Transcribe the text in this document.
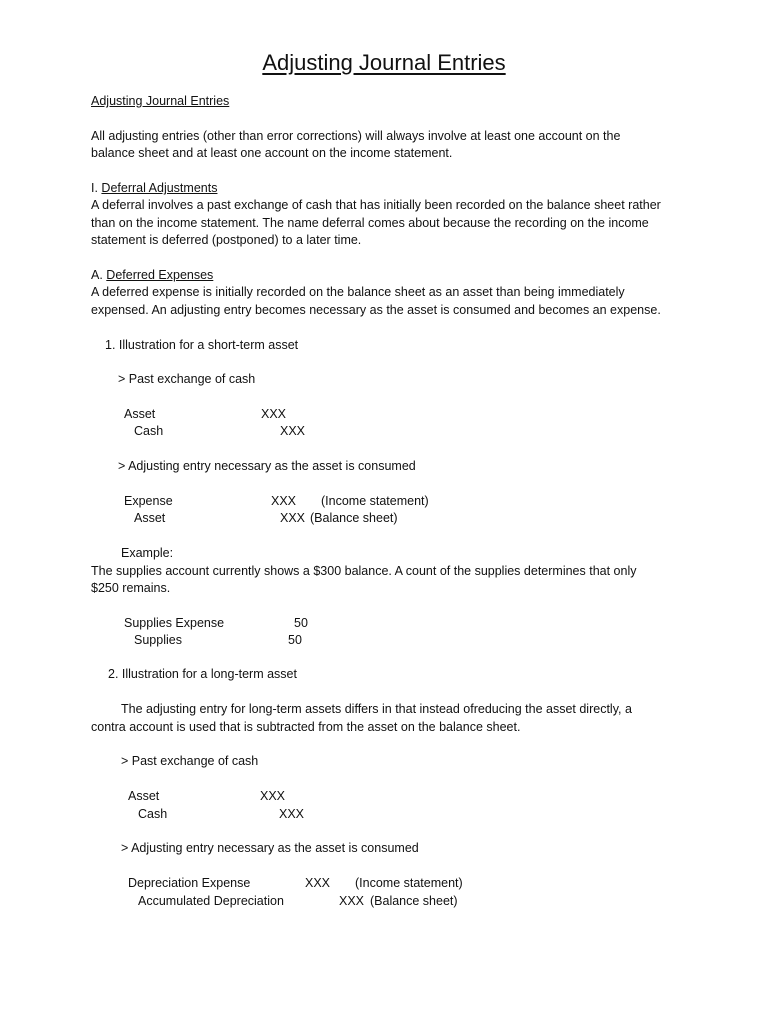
Adjusting Journal Entries
Adjusting Journal Entries
All adjusting entries (other than error corrections) will always involve at least one account on the
balance sheet and at least one account on the income statement.
I. Deferral Adjustments
A deferral involves a past exchange of cash that has initially been recorded on the balance sheet rather
than on the income statement. The name deferral comes about because the recording on the income
statement is deferred (postponed) to a later time.
A. Deferred Expenses
A deferred expense is initially recorded on the balance sheet as an asset than being immediately
expensed. An adjusting entry becomes necessary as the asset is consumed and becomes an expense.
1. Illustration for a short-term asset
> Past exchange of cash
Asset	XXX
Cash	XXX
> Adjusting entry necessary as the asset is consumed
Expense	XXX (Income statement)
Asset	XXX (Balance sheet)
Example:
The supplies account currently shows a $300 balance. A count of the supplies determines that only
$250 remains.
Supplies Expense	50
Supplies	50
2. Illustration for a long-term asset
The adjusting entry for long-term assets differs in that instead ofreducing the asset directly, a
contra account is used that is subtracted from the asset on the balance sheet.
> Past exchange of cash
Asset	XXX
Cash	XXX
> Adjusting entry necessary as the asset is consumed
Depreciation Expense	XXX (Income statement)
Accumulated Depreciation	XXX (Balance sheet)
